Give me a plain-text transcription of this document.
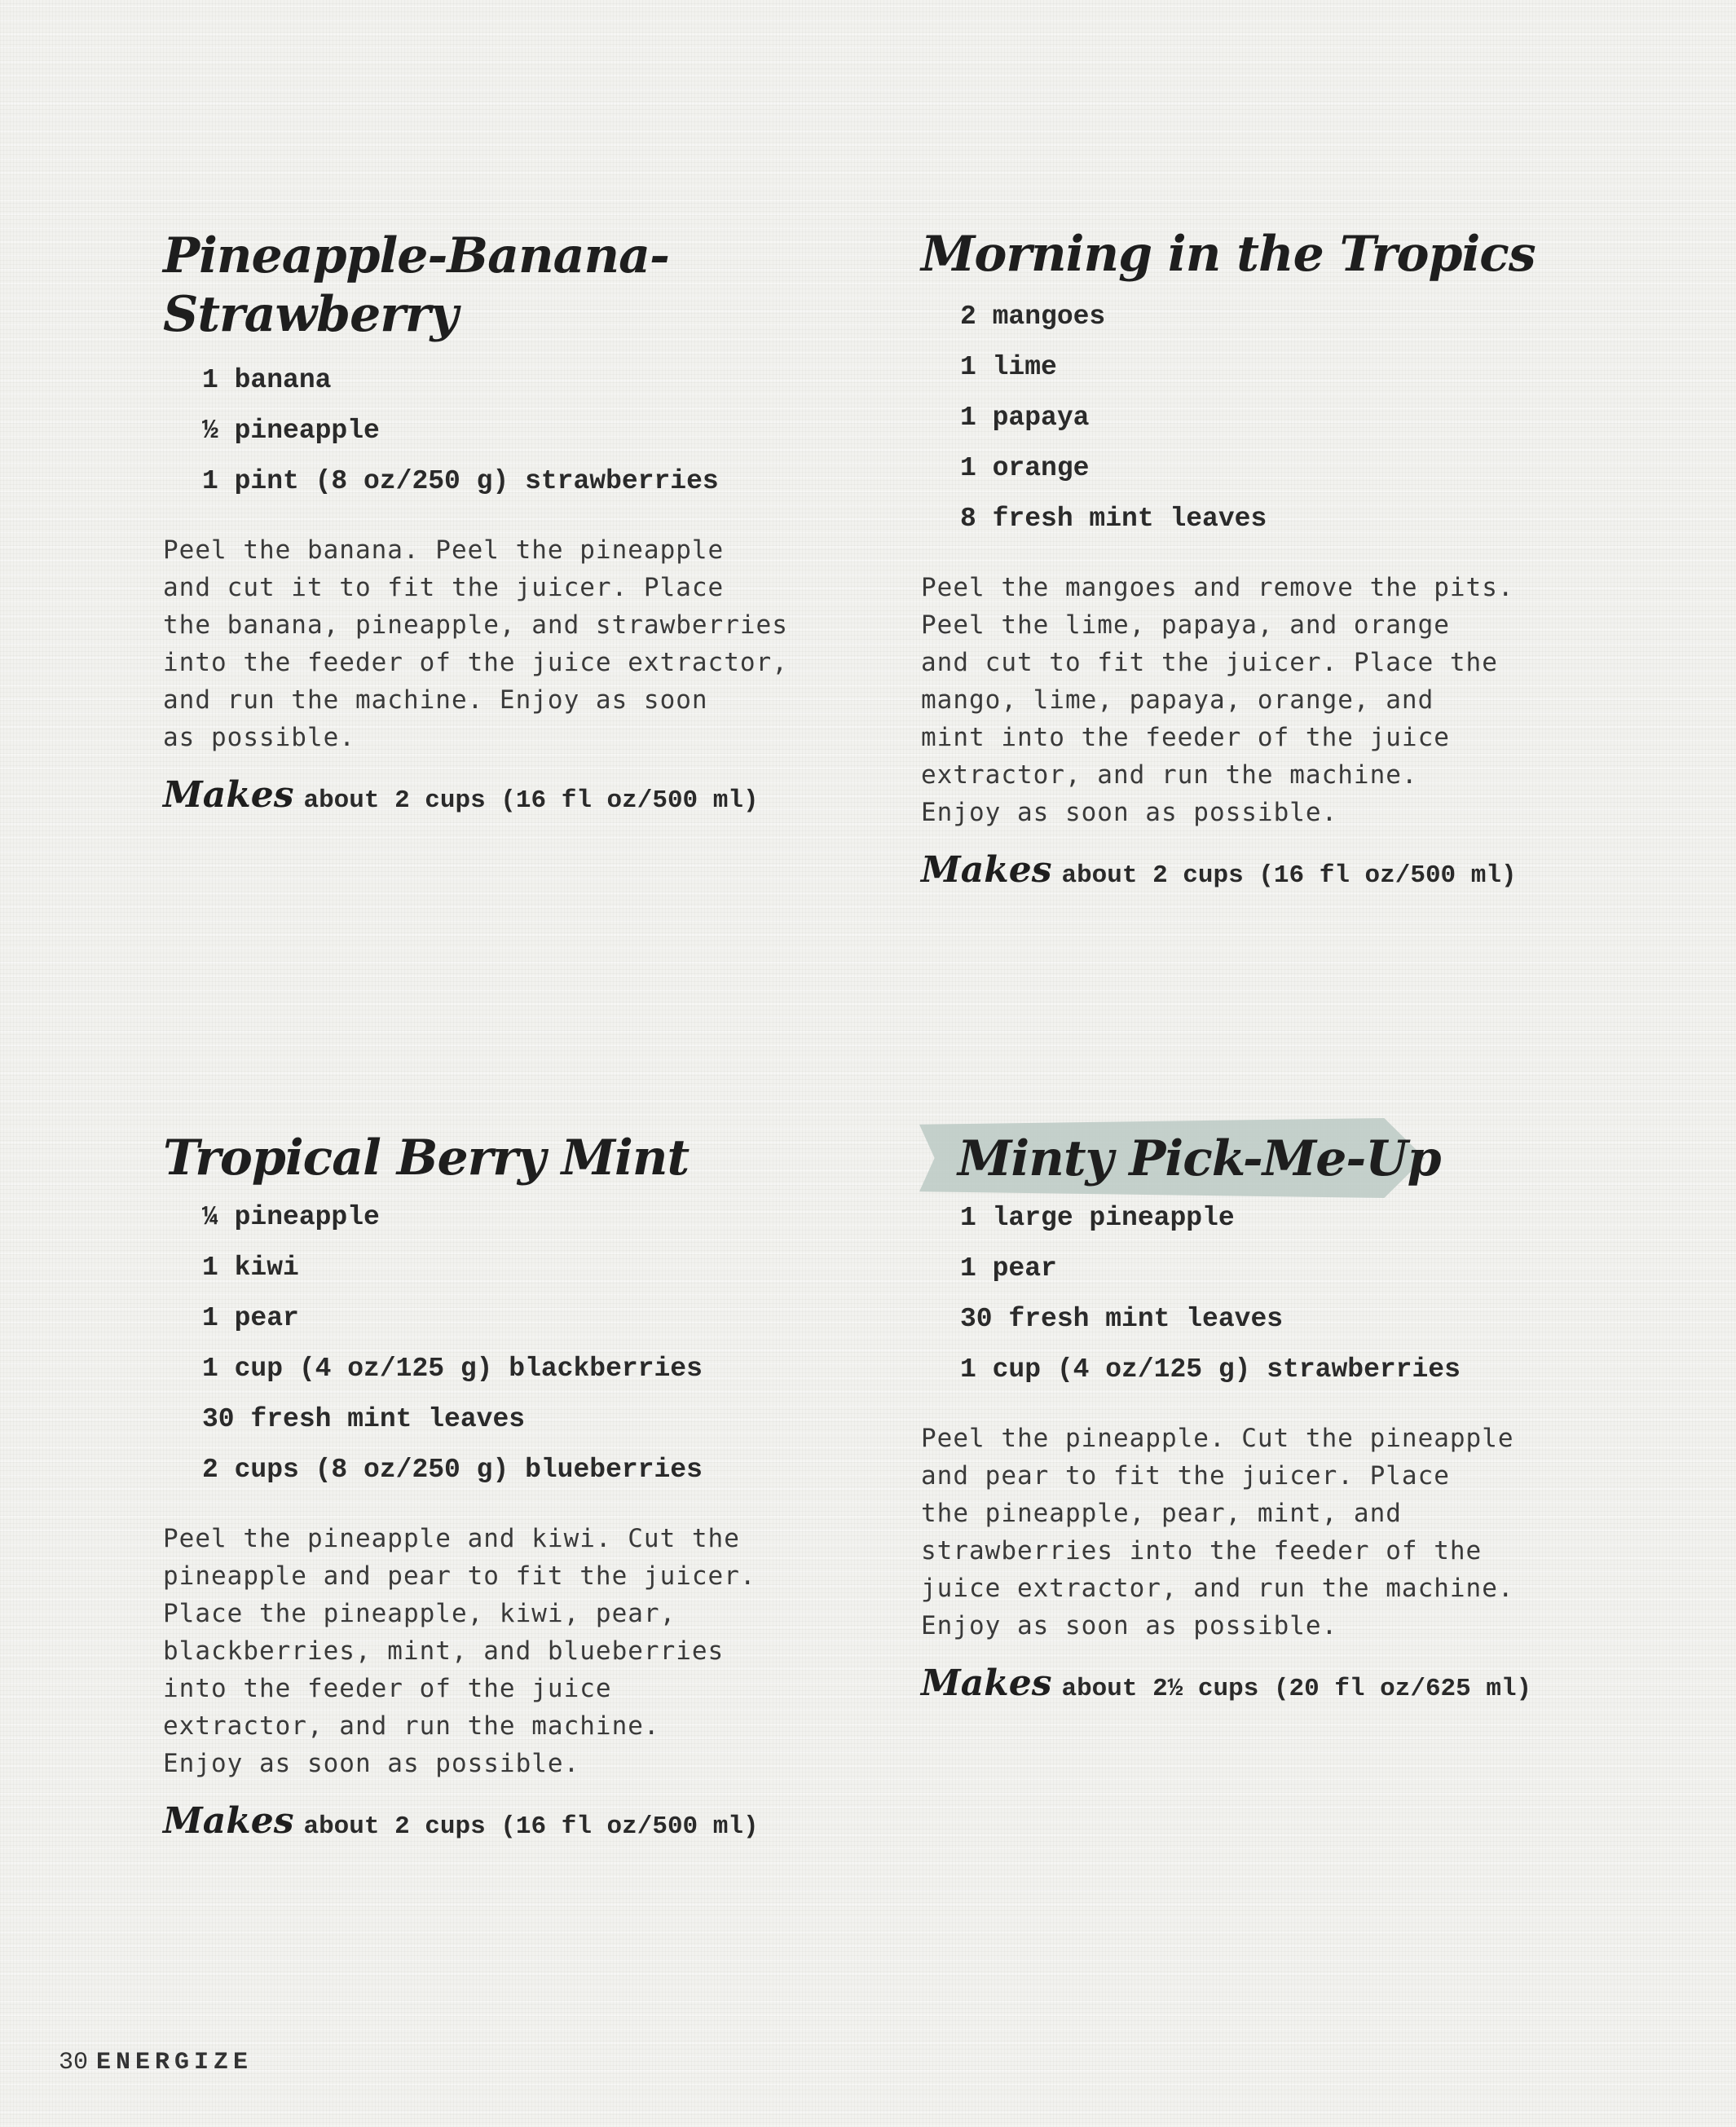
Pineapple-Banana-
Strawberry
1 banana
½ pineapple
1 pint (8 oz/250 g) strawberries

Peel the banana. Peel the pineapple
and cut it to fit the juicer. Place
the banana, pineapple, and strawberries
into the feeder of the juice extractor,
and run the machine. Enjoy as soon
as possible.

Makes about 2 cups (16 fl oz/500 ml)
Morning in the Tropics
2 mangoes
1 lime
1 papaya
1 orange
8 fresh mint leaves

Peel the mangoes and remove the pits.
Peel the lime, papaya, and orange
and cut to fit the juicer. Place the
mango, lime, papaya, orange, and
mint into the feeder of the juice
extractor, and run the machine.
Enjoy as soon as possible.

Makes about 2 cups (16 fl oz/500 ml)
Tropical Berry Mint
¼ pineapple
1 kiwi
1 pear
1 cup (4 oz/125 g) blackberries
30 fresh mint leaves
2 cups (8 oz/250 g) blueberries

Peel the pineapple and kiwi. Cut the
pineapple and pear to fit the juicer.
Place the pineapple, kiwi, pear,
blackberries, mint, and blueberries
into the feeder of the juice
extractor, and run the machine.
Enjoy as soon as possible.

Makes about 2 cups (16 fl oz/500 ml)
Minty Pick-Me-Up
1 large pineapple
1 pear
30 fresh mint leaves
1 cup (4 oz/125 g) strawberries

Peel the pineapple. Cut the pineapple
and pear to fit the juicer. Place
the pineapple, pear, mint, and
strawberries into the feeder of the
juice extractor, and run the machine.
Enjoy as soon as possible.

Makes about 2½ cups (20 fl oz/625 ml)
30 ENERGIZE
